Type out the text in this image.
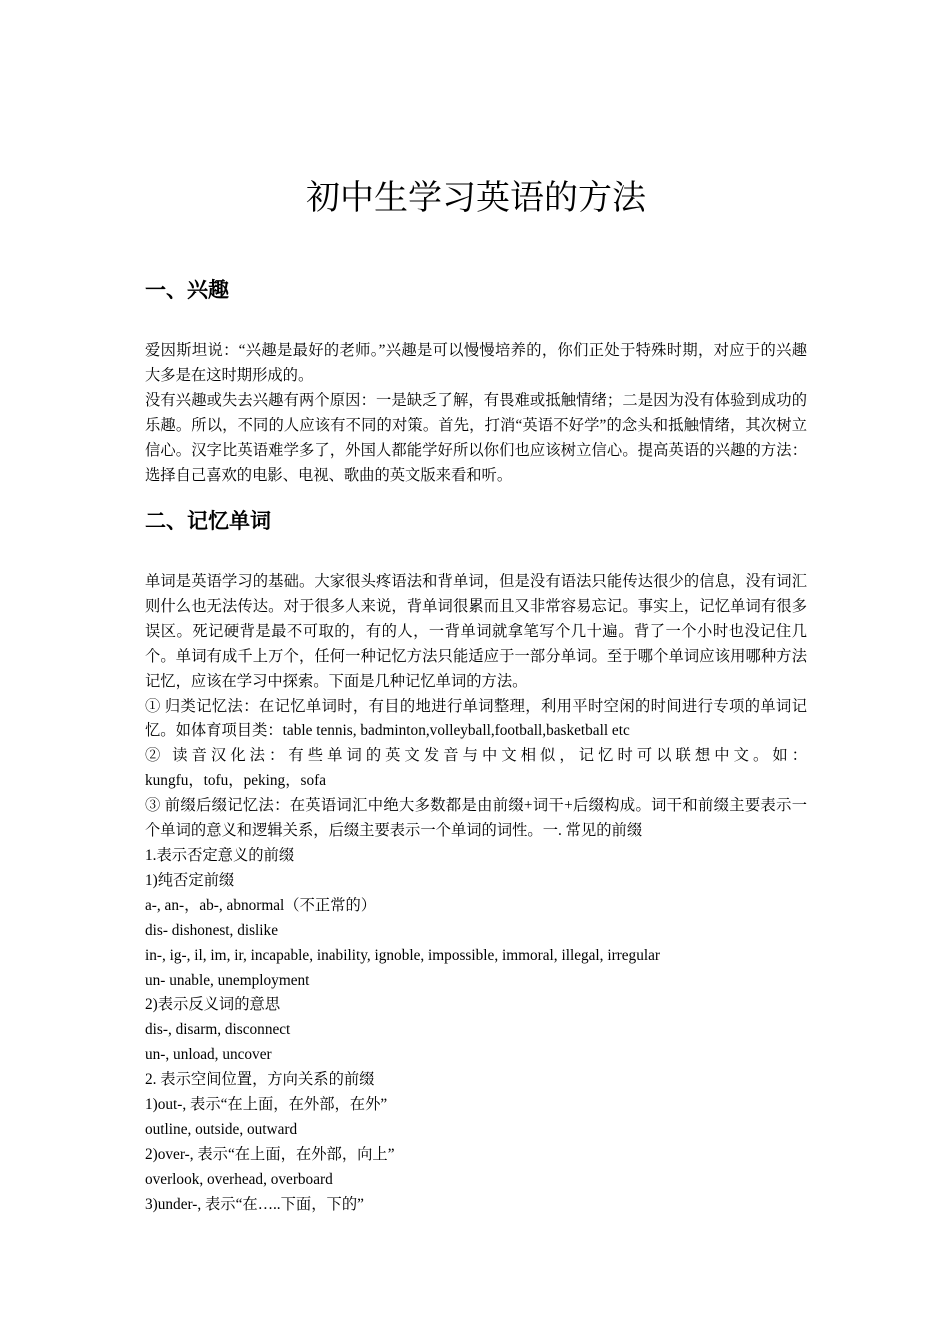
初中生学习英语的方法
一、兴趣

爱因斯坦说：“兴趣是最好的老师。”兴趣是可以慢慢培养的，你们正处于特殊时期，对应于的兴趣大多是在这时期形成的。

没有兴趣或失去兴趣有两个原因：一是缺乏了解，有畏难或抵触情绪；二是因为没有体验到成功的乐趣。所以，不同的人应该有不同的对策。首先，打消“英语不好学”的念头和抵触情绪，其次树立信心。汉字比英语难学多了，外国人都能学好所以你们也应该树立信心。提高英语的兴趣的方法：选择自己喜欢的电影、电视、歌曲的英文版来看和听。

二、记忆单词

单词是英语学习的基础。大家很头疼语法和背单词，但是没有语法只能传达很少的信息，没有词汇则什么也无法传达。对于很多人来说，背单词很累而且又非常容易忘记。事实上，记忆单词有很多误区。死记硬背是最不可取的，有的人，一背单词就拿笔写个几十遍。背了一个小时也没记住几个。单词有成千上万个，任何一种记忆方法只能适应于一部分单词。至于哪个单词应该用哪种方法记忆，应该在学习中探索。下面是几种记忆单词的方法。

① 归类记忆法：在记忆单词时，有目的地进行单词整理，利用平时空闲的时间进行专项的单词记忆。如体育项目类：table tennis, badminton,volleyball,football,basketball etc

② 读音汉化法：有些单词的英文发音与中文相似，记忆时可以联想中文。如：

kungfu，tofu，peking，sofa

③ 前缀后缀记忆法：在英语词汇中绝大多数都是由前缀+词干+后缀构成。词干和前缀主要表示一个单词的意义和逻辑关系，后缀主要表示一个单词的词性。一. 常见的前缀

1.表示否定意义的前缀

1)纯否定前缀

a-, an-，ab-, abnormal（不正常的）

dis- dishonest, dislike

in-, ig-, il, im, ir, incapable, inability, ignoble, impossible, immoral, illegal, irregular

un- unable, unemployment

2)表示反义词的意思

dis-, disarm, disconnect

un-, unload, uncover

2. 表示空间位置，方向关系的前缀

1)out-, 表示“在上面，在外部，在外”

outline, outside, outward

2)over-, 表示“在上面，在外部，向上”

overlook, overhead, overboard

3)under-, 表示“在…..下面，下的”
